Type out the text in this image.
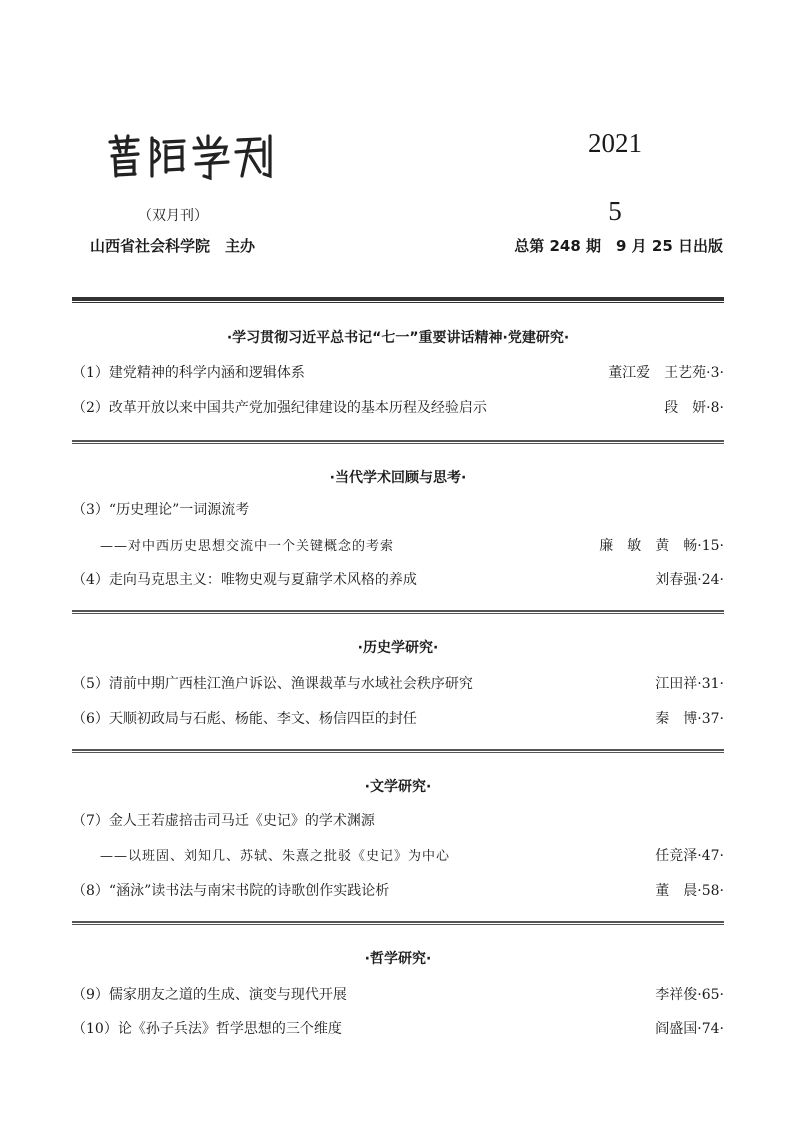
2021
5
（双月刊）
山西省社会科学院　主办	总第 248 期　9 月 25 日出版
·学习贯彻习近平总书记“七一”重要讲话精神·党建研究·
（1）建党精神的科学内涵和逻辑体系	董江爱　王艺苑·3·
（2）改革开放以来中国共产党加强纪律建设的基本历程及经验启示	段　妍·8·
·当代学术回顾与思考·
（3）“历史理论”一词源流考
——对中西历史思想交流中一个关键概念的考索	廉　敏　黄　畅·15·
（4）走向马克思主义：唯物史观与夏鼐学术风格的养成	刘春强·24·
·历史学研究·
（5）清前中期广西桂江渔户诉讼、渔课裁革与水域社会秩序研究	江田祥·31·
（6）天顺初政局与石彪、杨能、李文、杨信四臣的封任	秦　博·37·
·文学研究·
（7）金人王若虚掊击司马迁《史记》的学术渊源
——以班固、刘知几、苏轼、朱熹之批驳《史记》为中心	任竞泽·47·
（8）“涵泳”读书法与南宋书院的诗歌创作实践论析	董　晨·58·
·哲学研究·
（9）儒家朋友之道的生成、演变与现代开展	李祥俊·65·
（10）论《孙子兵法》哲学思想的三个维度	阎盛国·74·
